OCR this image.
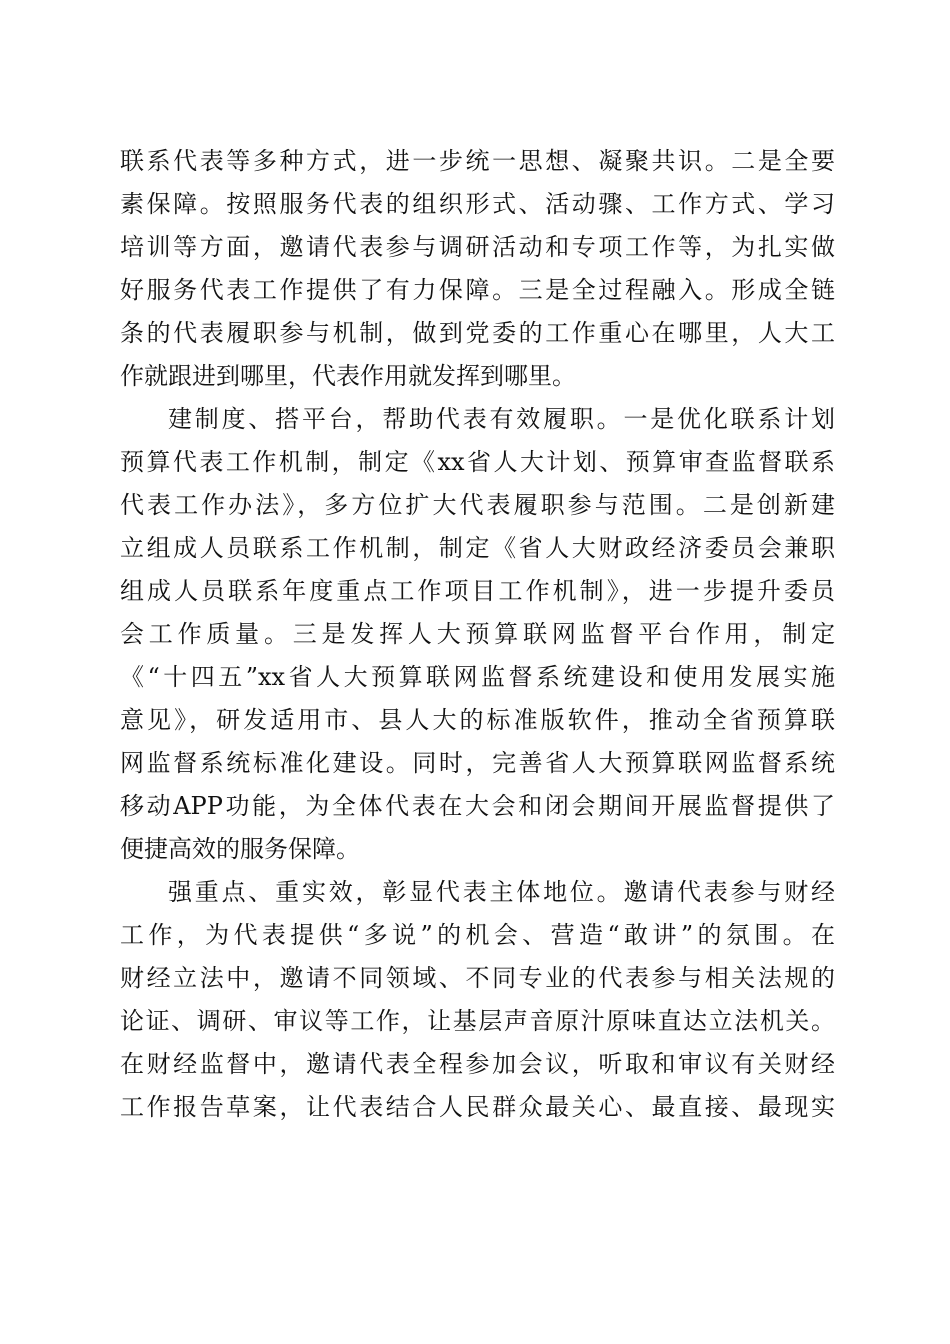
联系代表等多种方式，进一步统一思想、凝聚共识。二是全要
素保障。按照服务代表的组织形式、活动骤、工作方式、学习
培训等方面，邀请代表参与调研活动和专项工作等，为扎实做
好服务代表工作提供了有力保障。三是全过程融入。形成全链
条的代表履职参与机制，做到党委的工作重心在哪里，人大工
作就跟进到哪里，代表作用就发挥到哪里。
建制度、搭平台，帮助代表有效履职。一是优化联系计划
预算代表工作机制，制定《xx省人大计划、预算审查监督联系
代表工作办法》，多方位扩大代表履职参与范围。二是创新建
立组成人员联系工作机制，制定《省人大财政经济委员会兼职
组成人员联系年度重点工作项目工作机制》，进一步提升委员
会工作质量。三是发挥人大预算联网监督平台作用，制定
《“十四五”xx省人大预算联网监督系统建设和使用发展实施
意见》，研发适用市、县人大的标准版软件，推动全省预算联
网监督系统标准化建设。同时，完善省人大预算联网监督系统
移动APP功能，为全体代表在大会和闭会期间开展监督提供了
便捷高效的服务保障。
强重点、重实效，彰显代表主体地位。邀请代表参与财经
工作，为代表提供“多说”的机会、营造“敢讲”的氛围。在
财经立法中，邀请不同领域、不同专业的代表参与相关法规的
论证、调研、审议等工作，让基层声音原汁原味直达立法机关。
在财经监督中，邀请代表全程参加会议，听取和审议有关财经
工作报告草案，让代表结合人民群众最关心、最直接、最现实
